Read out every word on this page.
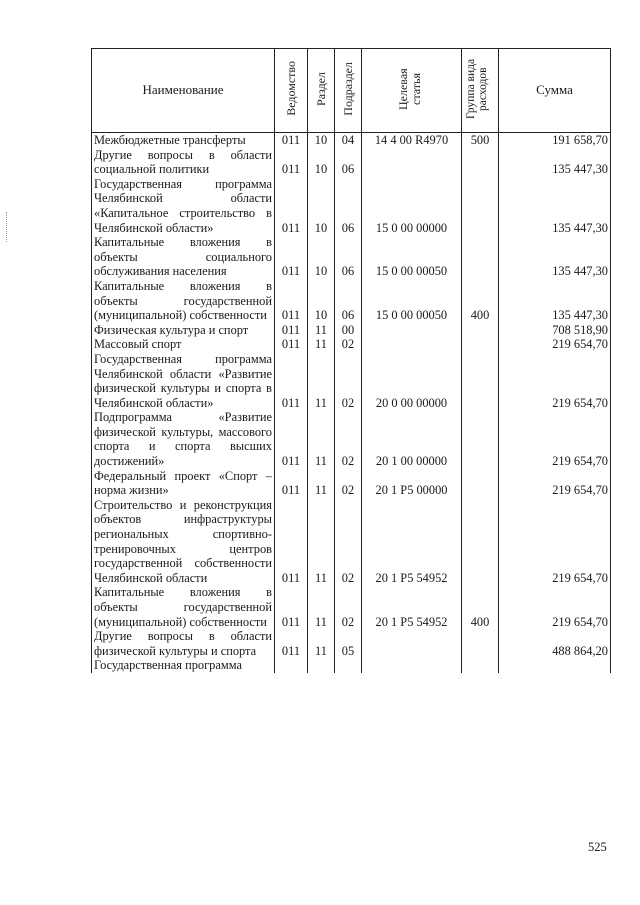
Наименование	Ведомство	Раздел	Подраздел	Целевая статья	Группа вида расходов	Сумма
Межбюджетные трансферты	011	10	04	14 4 00 R4970	500	191 658,70
Другие вопросы в области социальной политики	011	10	06			135 447,30
Государственная программа Челябинской области «Капитальное строительство в Челябинской области»	011	10	06	15 0 00 00000		135 447,30
Капитальные вложения в объекты социального обслуживания населения	011	10	06	15 0 00 00050		135 447,30
Капитальные вложения в объекты государственной (муниципальной) собственности	011	10	06	15 0 00 00050	400	135 447,30
Физическая культура и спорт	011	11	00			708 518,90
Массовый спорт	011	11	02			219 654,70
Государственная программа Челябинской области «Развитие физической культуры и спорта в Челябинской области»	011	11	02	20 0 00 00000		219 654,70
Подпрограмма «Развитие физической культуры, массового спорта и спорта высших достижений»	011	11	02	20 1 00 00000		219 654,70
Федеральный проект «Спорт – норма жизни»	011	11	02	20 1 P5 00000		219 654,70
Строительство и реконструкция объектов инфраструктуры региональных спортивно-тренировочных центров государственной собственности Челябинской области	011	11	02	20 1 P5 54952		219 654,70
Капитальные вложения в объекты государственной (муниципальной) собственности	011	11	02	20 1 P5 54952	400	219 654,70
Другие вопросы в области физической культуры и спорта	011	11	05			488 864,20
Государственная программа						
525
